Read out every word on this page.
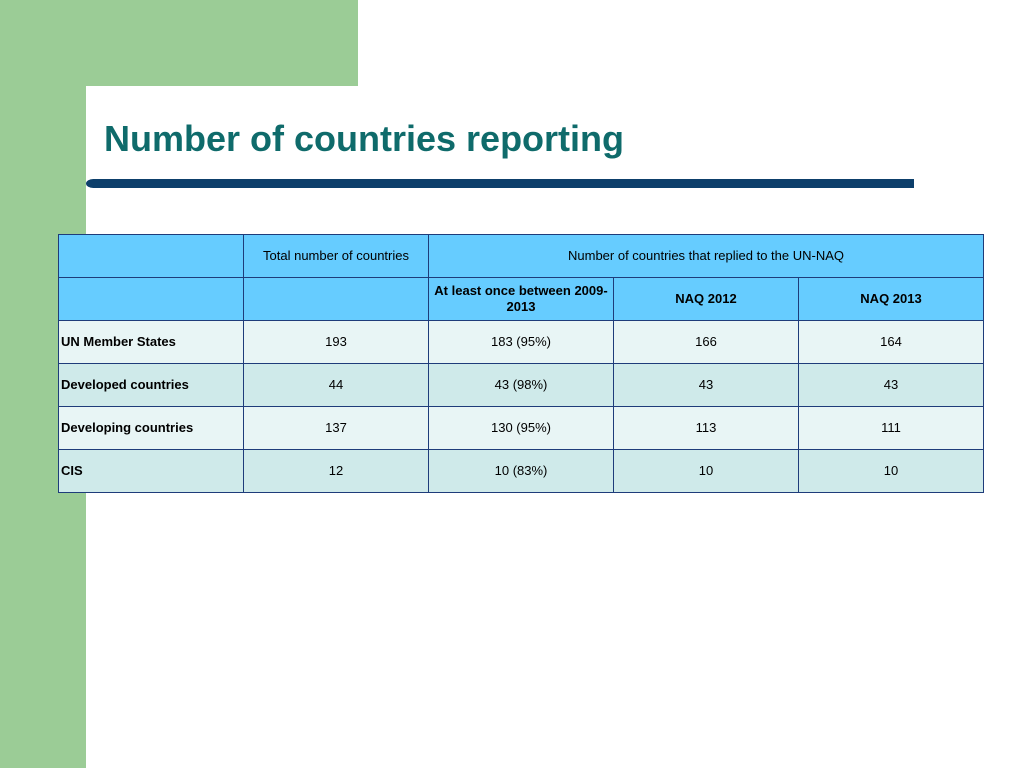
Number of countries reporting
	Total number of countries	Number of countries that replied to the UN-NAQ		
		At least once between 2009-2013	NAQ 2012	NAQ 2013
UN Member States	193	183 (95%)	166	164
Developed countries	44	43 (98%)	43	43
Developing countries	137	130 (95%)	113	111
CIS	12	10 (83%)	10	10
